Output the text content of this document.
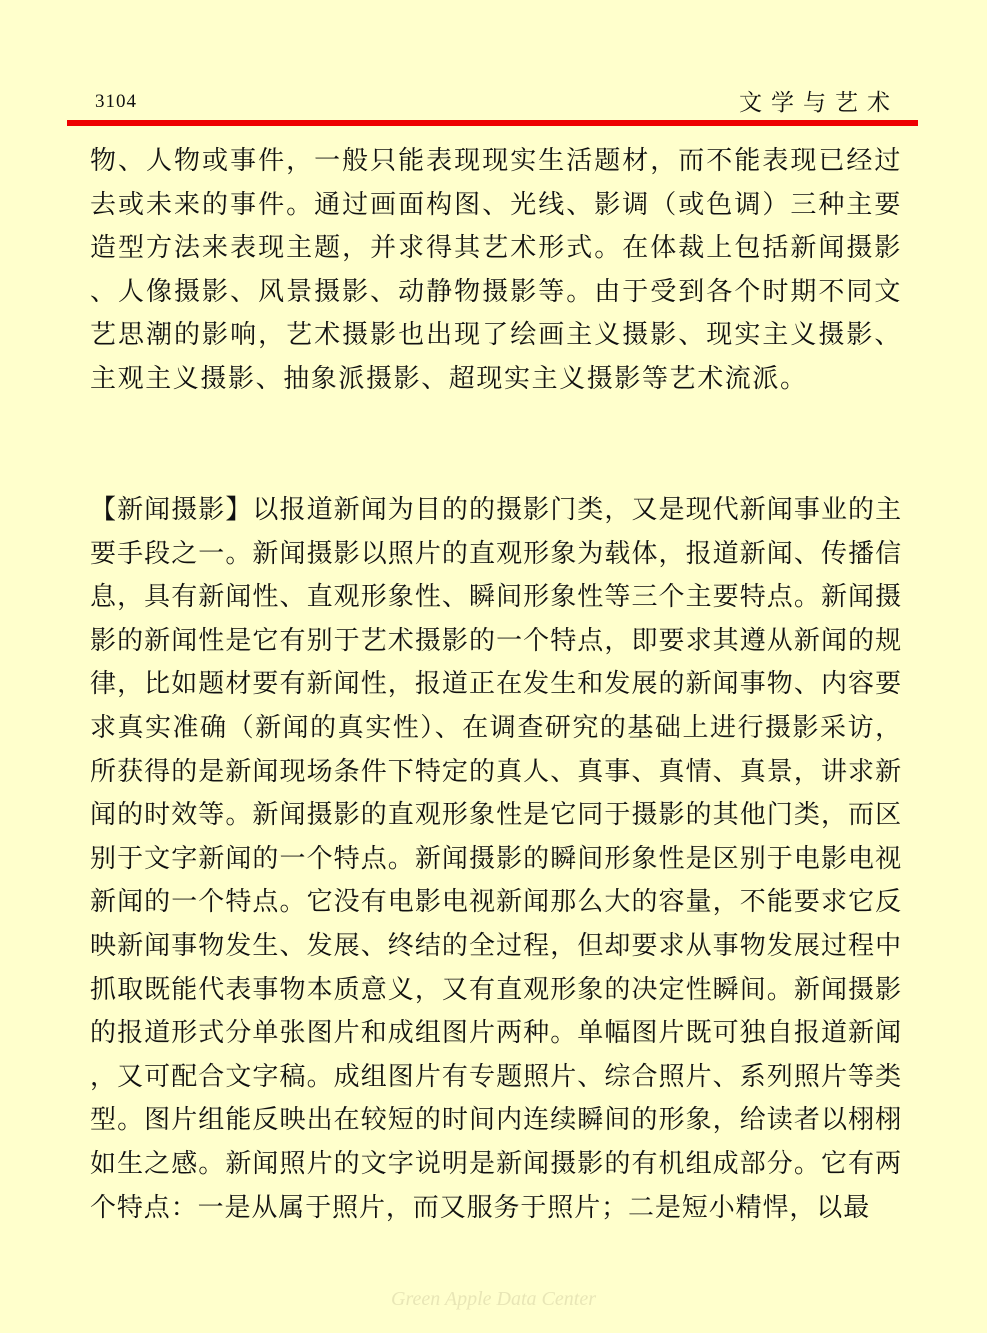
3104	文学与艺术

物、人物或事件，一般只能表现现实生活题材，而不能表现已经过去或未来的事件。通过画面构图、光线、影调（或色调）三种主要造型方法来表现主题，并求得其艺术形式。在体裁上包括新闻摄影、人像摄影、风景摄影、动静物摄影等。由于受到各个时期不同文艺思潮的影响，艺术摄影也出现了绘画主义摄影、现实主义摄影、主观主义摄影、抽象派摄影、超现实主义摄影等艺术流派。

【新闻摄影】以报道新闻为目的的摄影门类，又是现代新闻事业的主要手段之一。新闻摄影以照片的直观形象为载体，报道新闻、传播信息，具有新闻性、直观形象性、瞬间形象性等三个主要特点。新闻摄影的新闻性是它有别于艺术摄影的一个特点，即要求其遵从新闻的规律，比如题材要有新闻性，报道正在发生和发展的新闻事物、内容要求真实准确（新闻的真实性）、在调查研究的基础上进行摄影采访，所获得的是新闻现场条件下特定的真人、真事、真情、真景，讲求新闻的时效等。新闻摄影的直观形象性是它同于摄影的其他门类，而区别于文字新闻的一个特点。新闻摄影的瞬间形象性是区别于电影电视新闻的一个特点。它没有电影电视新闻那么大的容量，不能要求它反映新闻事物发生、发展、终结的全过程，但却要求从事物发展过程中抓取既能代表事物本质意义，又有直观形象的决定性瞬间。新闻摄影的报道形式分单张图片和成组图片两种。单幅图片既可独自报道新闻，又可配合文字稿。成组图片有专题照片、综合照片、系列照片等类型。图片组能反映出在较短的时间内连续瞬间的形象，给读者以栩栩如生之感。新闻照片的文字说明是新闻摄影的有机组成部分。它有两个特点：一是从属于照片，而又服务于照片；二是短小精悍，以最

Green Apple Data Center
